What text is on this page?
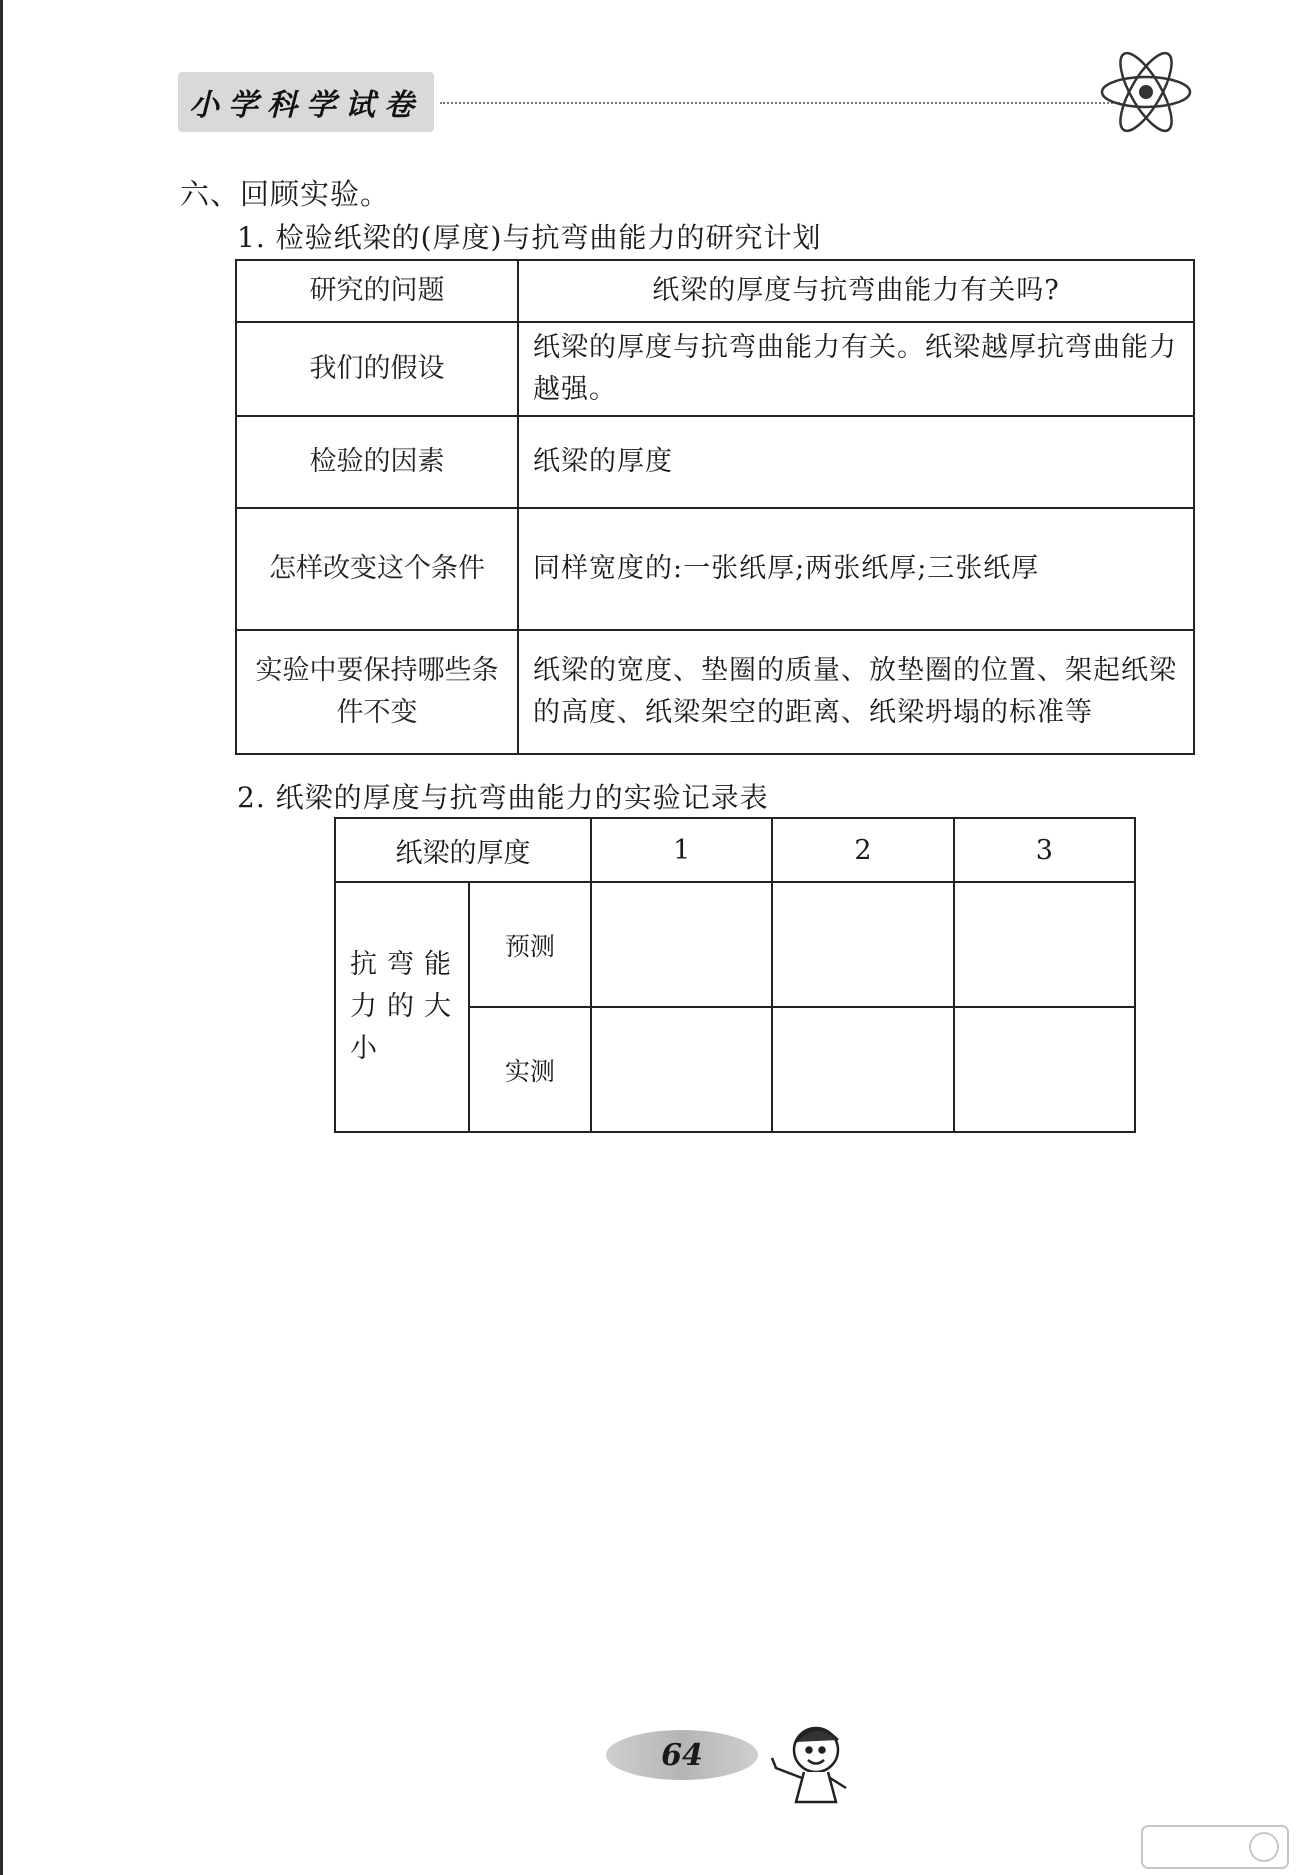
小学科学试卷
六、回顾实验。
1. 检验纸梁的(厚度)与抗弯曲能力的研究计划
研究的问题	纸梁的厚度与抗弯曲能力有关吗?
我们的假设	纸梁的厚度与抗弯曲能力有关。纸梁越厚抗弯曲能力越强。
检验的因素	纸梁的厚度
怎样改变这个条件	同样宽度的:一张纸厚;两张纸厚;三张纸厚
实验中要保持哪些条件不变	纸梁的宽度、垫圈的质量、放垫圈的位置、架起纸梁的高度、纸梁架空的距离、纸梁坍塌的标准等
2. 纸梁的厚度与抗弯曲能力的实验记录表
纸梁的厚度		1	2	3
抗弯能力的大小	预测			
	实测			
64
